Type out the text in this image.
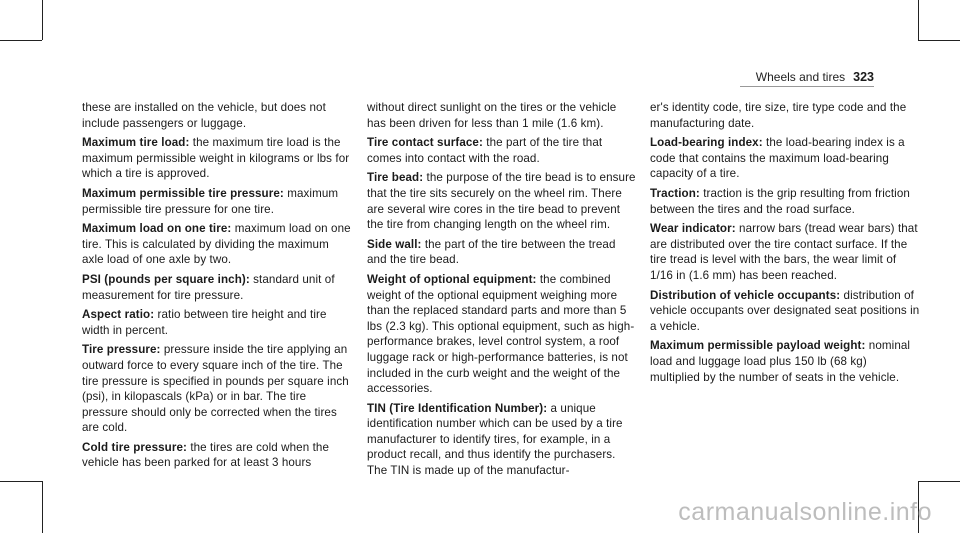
Wheels and tires 323

these are installed on the vehicle, but does not include passengers or luggage.

Maximum tire load: the maximum tire load is the maximum permissible weight in kilograms or lbs for which a tire is approved.

Maximum permissible tire pressure: maximum permissible tire pressure for one tire.

Maximum load on one tire: maximum load on one tire. This is calculated by dividing the maximum axle load of one axle by two.

PSI (pounds per square inch): standard unit of measurement for tire pressure.

Aspect ratio: ratio between tire height and tire width in percent.

Tire pressure: pressure inside the tire applying an outward force to every square inch of the tire. The tire pressure is specified in pounds per square inch (psi), in kilopascals (kPa) or in bar. The tire pressure should only be corrected when the tires are cold.

Cold tire pressure: the tires are cold when the vehicle has been parked for at least 3 hours

without direct sunlight on the tires or the vehicle has been driven for less than 1 mile (1.6 km).

Tire contact surface: the part of the tire that comes into contact with the road.

Tire bead: the purpose of the tire bead is to ensure that the tire sits securely on the wheel rim. There are several wire cores in the tire bead to prevent the tire from changing length on the wheel rim.

Side wall: the part of the tire between the tread and the tire bead.

Weight of optional equipment: the combined weight of the optional equipment weighing more than the replaced standard parts and more than 5 lbs (2.3 kg). This optional equipment, such as high-performance brakes, level control system, a roof luggage rack or high-performance batteries, is not included in the curb weight and the weight of the accessories.

TIN (Tire Identification Number): a unique identification number which can be used by a tire manufacturer to identify tires, for example, in a product recall, and thus identify the purchasers. The TIN is made up of the manufactur-

er's identity code, tire size, tire type code and the manufacturing date.

Load-bearing index: the load-bearing index is a code that contains the maximum load-bearing capacity of a tire.

Traction: traction is the grip resulting from friction between the tires and the road surface.

Wear indicator: narrow bars (tread wear bars) that are distributed over the tire contact surface. If the tire tread is level with the bars, the wear limit of 1/16 in (1.6 mm) has been reached.

Distribution of vehicle occupants: distribution of vehicle occupants over designated seat positions in a vehicle.

Maximum permissible payload weight: nominal load and luggage load plus 150 lb (68 kg) multiplied by the number of seats in the vehicle.

carmanualsonline.info
